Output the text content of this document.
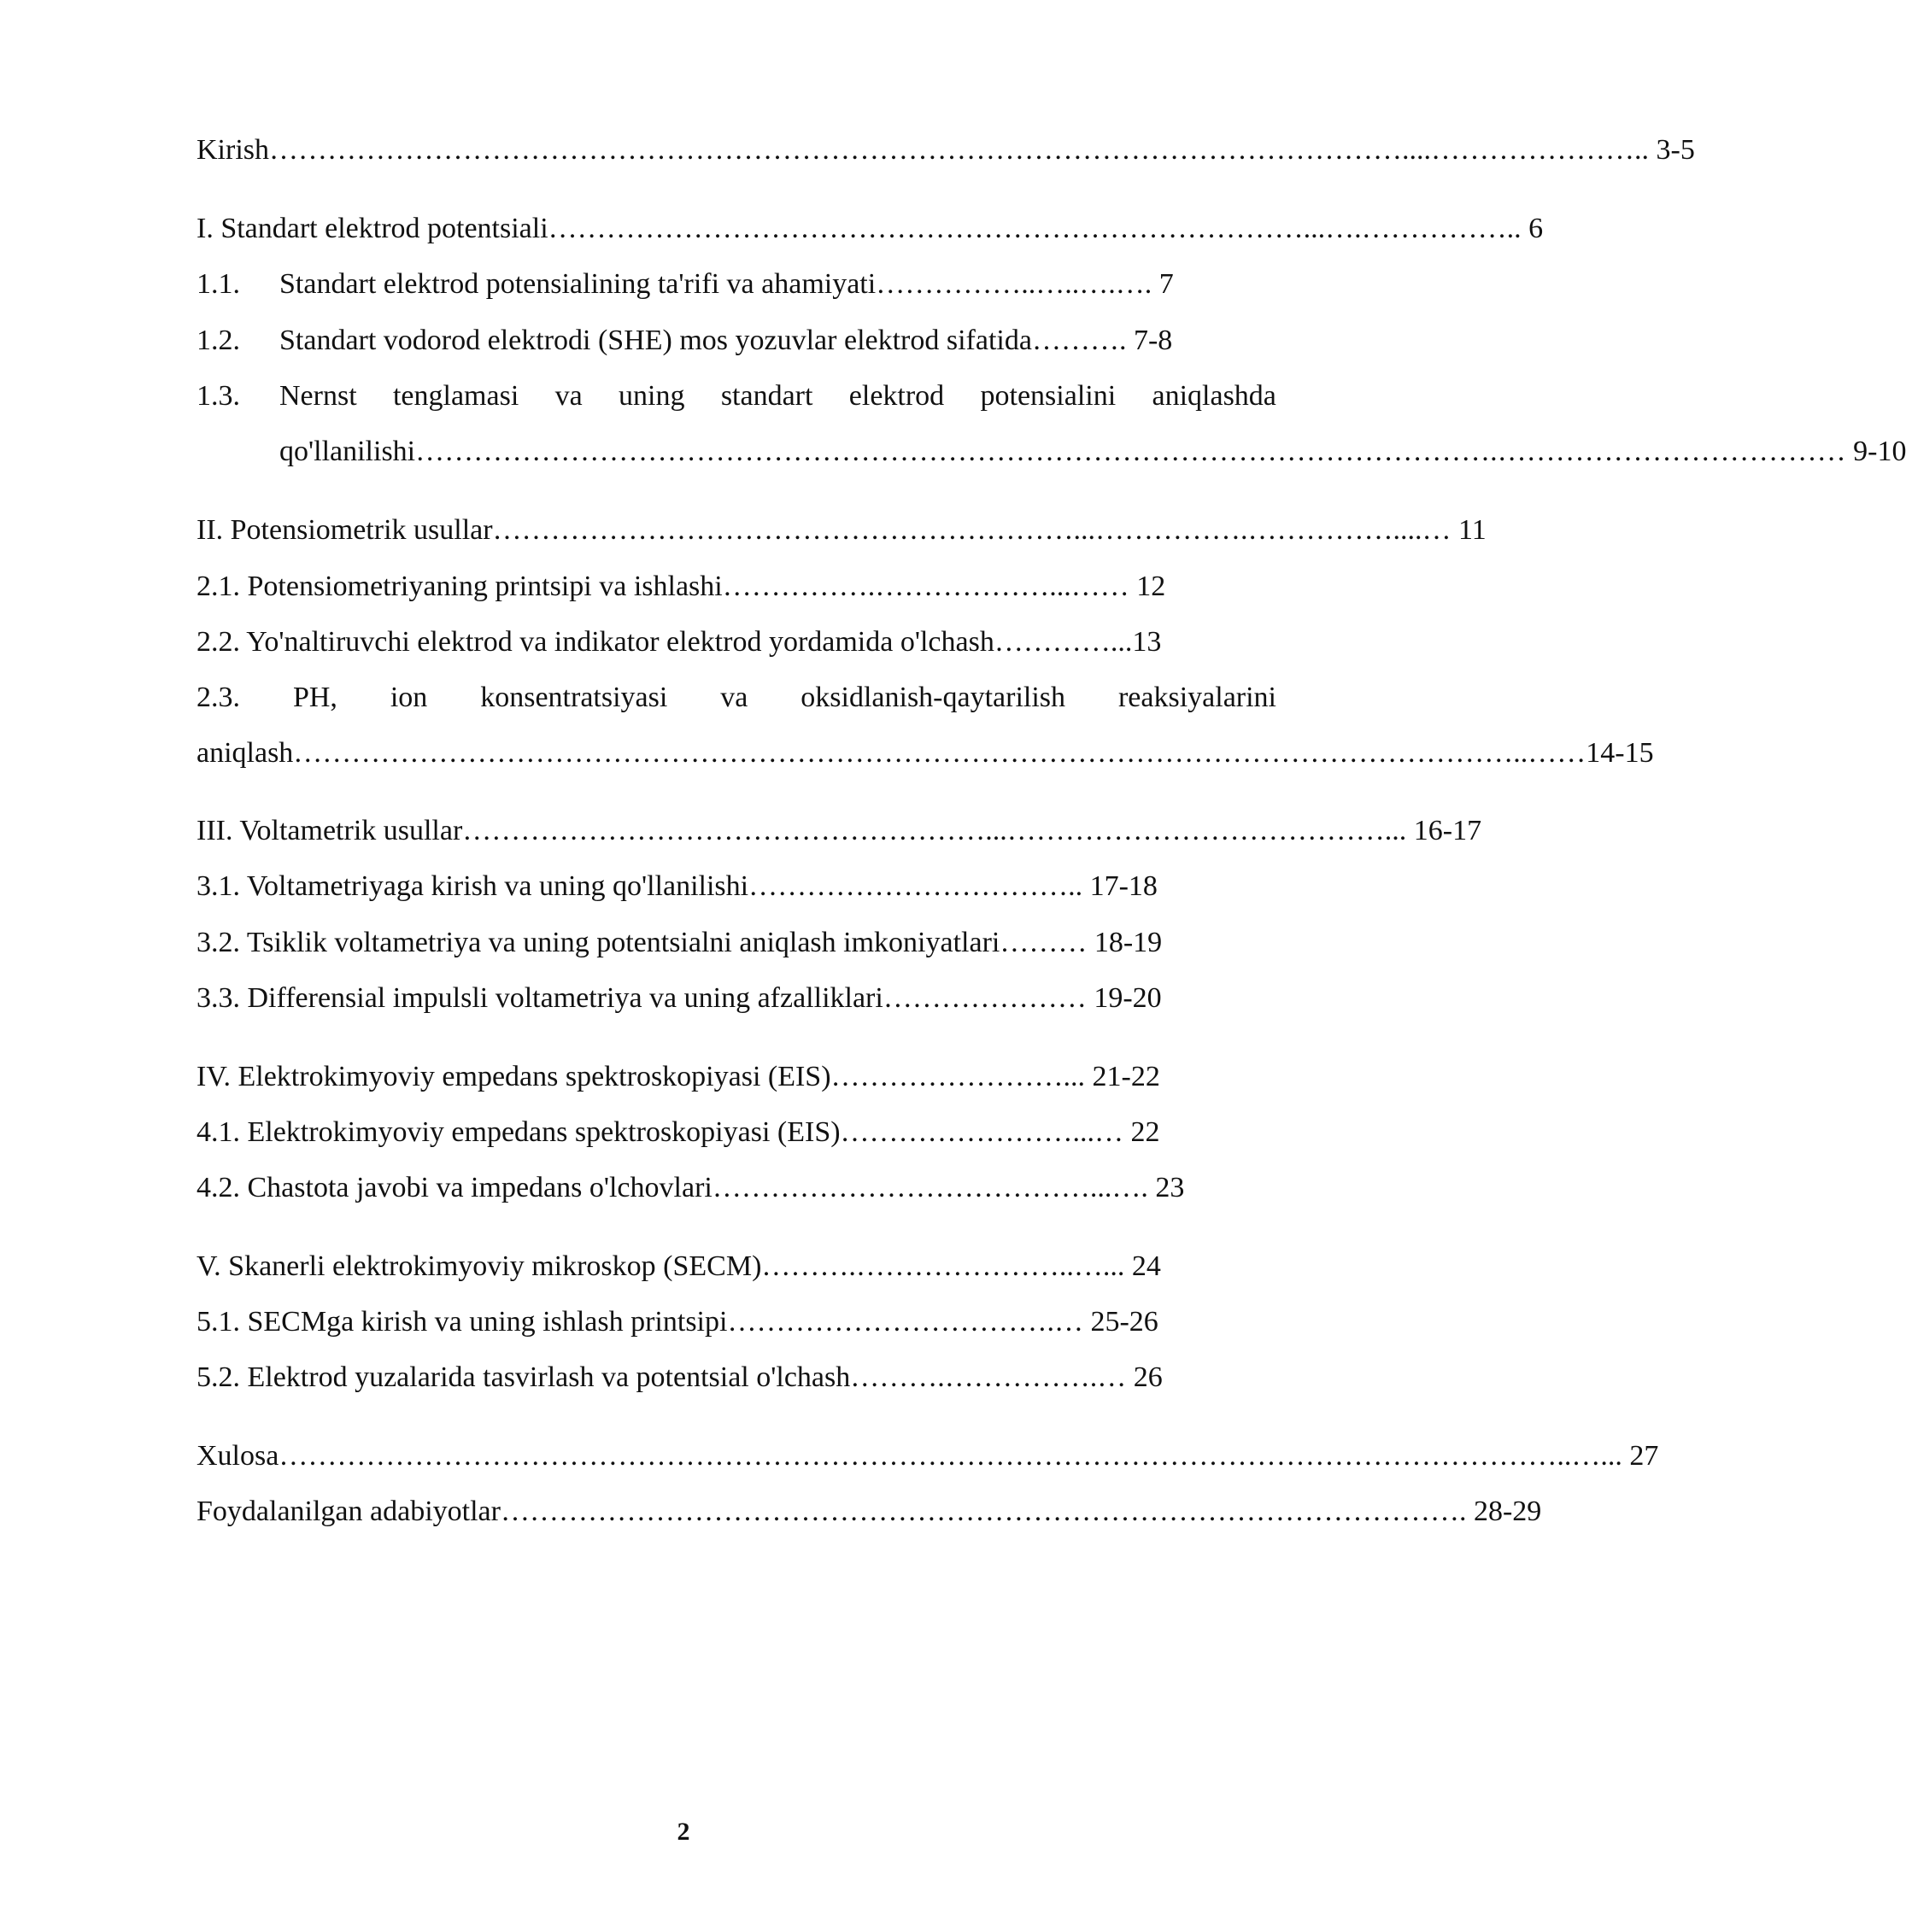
Kirish………………………………………………………………………………………………………....………………….. 3-5
I. Standart elektrod potentsiali……………………………………………………………………...….…………….. 6
1.1. Standart elektrod potensialining ta'rifi va ahamiyati……………..…..….…. 7
1.2. Standart vodorod elektrodi (SHE) mos yozuvlar elektrod sifatida………. 7-8
1.3.	Nernst tenglamasi va uning standart elektrod potensialini aniqlashda
qo'llanilishi………………………………………………………………………………………………….……………………………… 9-10
II. Potensiometrik usullar……………………………………………………...…………….……………....… 11
2.1. Potensiometriyaning printsipi va ishlashi…………….………………...…… 12
2.2. Yo'naltiruvchi elektrod va indikator elektrod yordamida o'lchash…………...13
2.3. PH, ion konsentratsiyasi va oksidlanish-qaytarilish reaksiyalarini
aniqlash………………………………………………………………………………………………………………..……14-15
III. Voltametrik usullar………………………………………………...…………………………………... 16-17
3.1. Voltametriyaga kirish va uning qo'llanilishi…………………………….. 17-18
3.2. Tsiklik voltametriya va uning potentsialni aniqlash imkoniyatlari……… 18-19
3.3. Differensial impulsli voltametriya va uning afzalliklari………………… 19-20
IV. Elektrokimyoviy empedans spektroskopiyasi (EIS)……………………... 21-22
4.1. Elektrokimyoviy empedans spektroskopiyasi (EIS)……………………...… 22
4.2. Chastota javobi va impedans o'lchovlari…………………………………...…. 23
V. Skanerli elektrokimyoviy mikroskop (SECM)……….…………………..…... 24
5.1. SECMga kirish va uning ishlash printsipi…………………………….… 25-26
5.2. Elektrod yuzalarida tasvirlash va potentsial o'lchash……….…………….… 26
Xulosa……………………………………………………………………………………………………………………..…... 27
Foydalanilgan adabiyotlar………………………………………………………………………………………. 28-29
2
